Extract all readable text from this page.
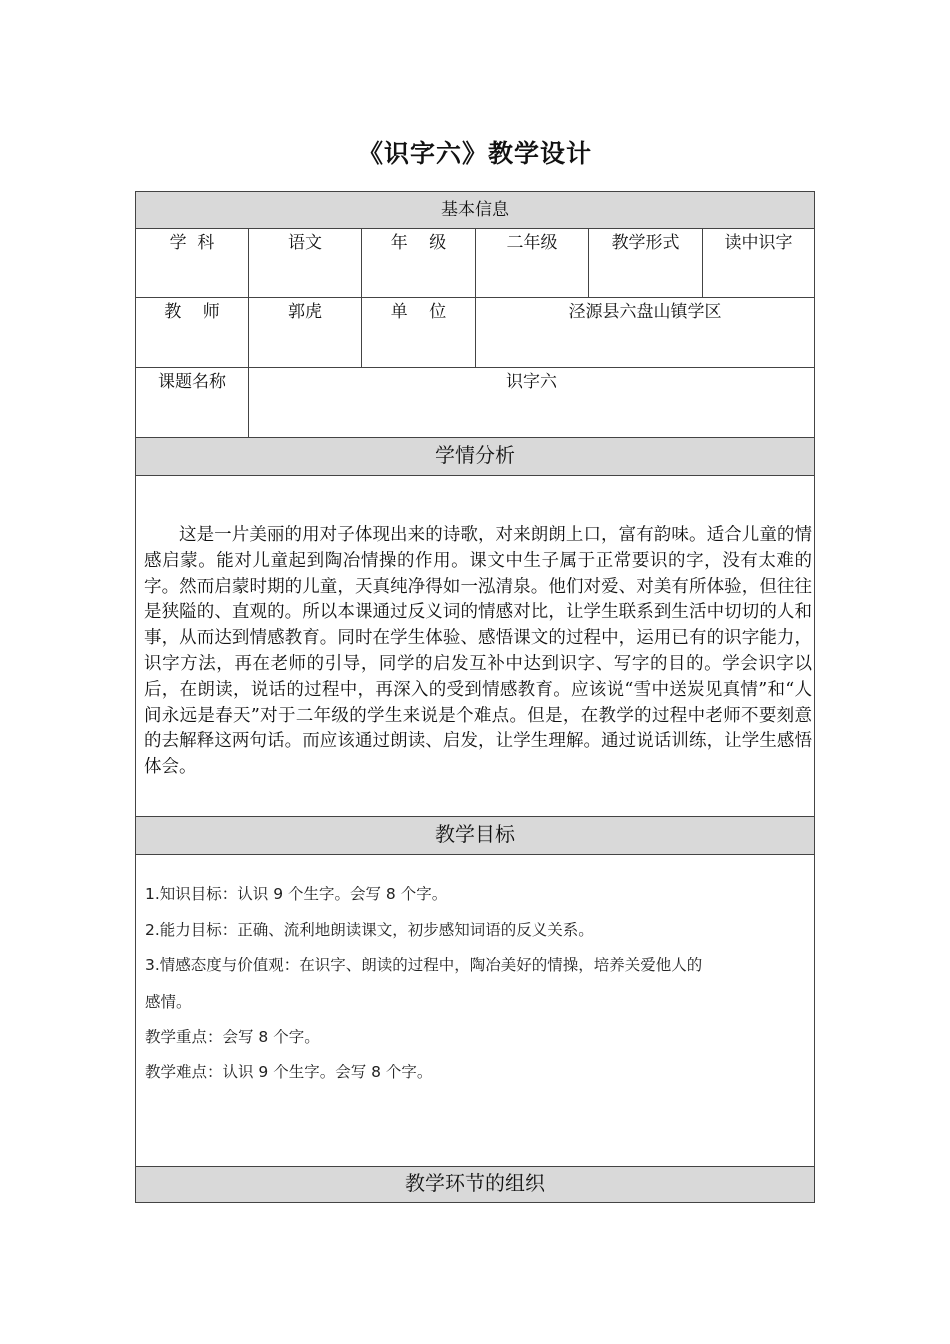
《识字六》教学设计
基本信息
学  科	语文	年    级	二年级	教学形式	读中识字
教    师	郭虎	单    位	泾源县六盘山镇学区
课题名称	识字六
学情分析

这是一片美丽的用对子体现出来的诗歌，对来朗朗上口，富有韵味。适合儿童的情感启蒙。能对儿童起到陶冶情操的作用。课文中生子属于正常要识的字，没有太难的字。然而启蒙时期的儿童，天真纯净得如一泓清泉。他们对爱、对美有所体验，但往往是狭隘的、直观的。所以本课通过反义词的情感对比，让学生联系到生活中切切的人和事，从而达到情感教育。同时在学生体验、感悟课文的过程中，运用已有的识字能力，识字方法，再在老师的引导，同学的启发互补中达到识字、写字的目的。学会识字以后，在朗读，说话的过程中，再深入的受到情感教育。应该说“雪中送炭见真情”和“人间永远是春天”对于二年级的学生来说是个难点。但是，在教学的过程中老师不要刻意的去解释这两句话。而应该通过朗读、启发，让学生理解。通过说话训练，让学生感悟体会。

教学目标
1.知识目标：认识 9 个生字。会写 8 个字。
2.能力目标：正确、流利地朗读课文，初步感知词语的反义关系。
3.情感态度与价值观：在识字、朗读的过程中，陶冶美好的情操，培养关爱他人的
感情。
教学重点：会写 8 个字。
教学难点：认识 9 个生字。会写 8 个字。
教学环节的组织
